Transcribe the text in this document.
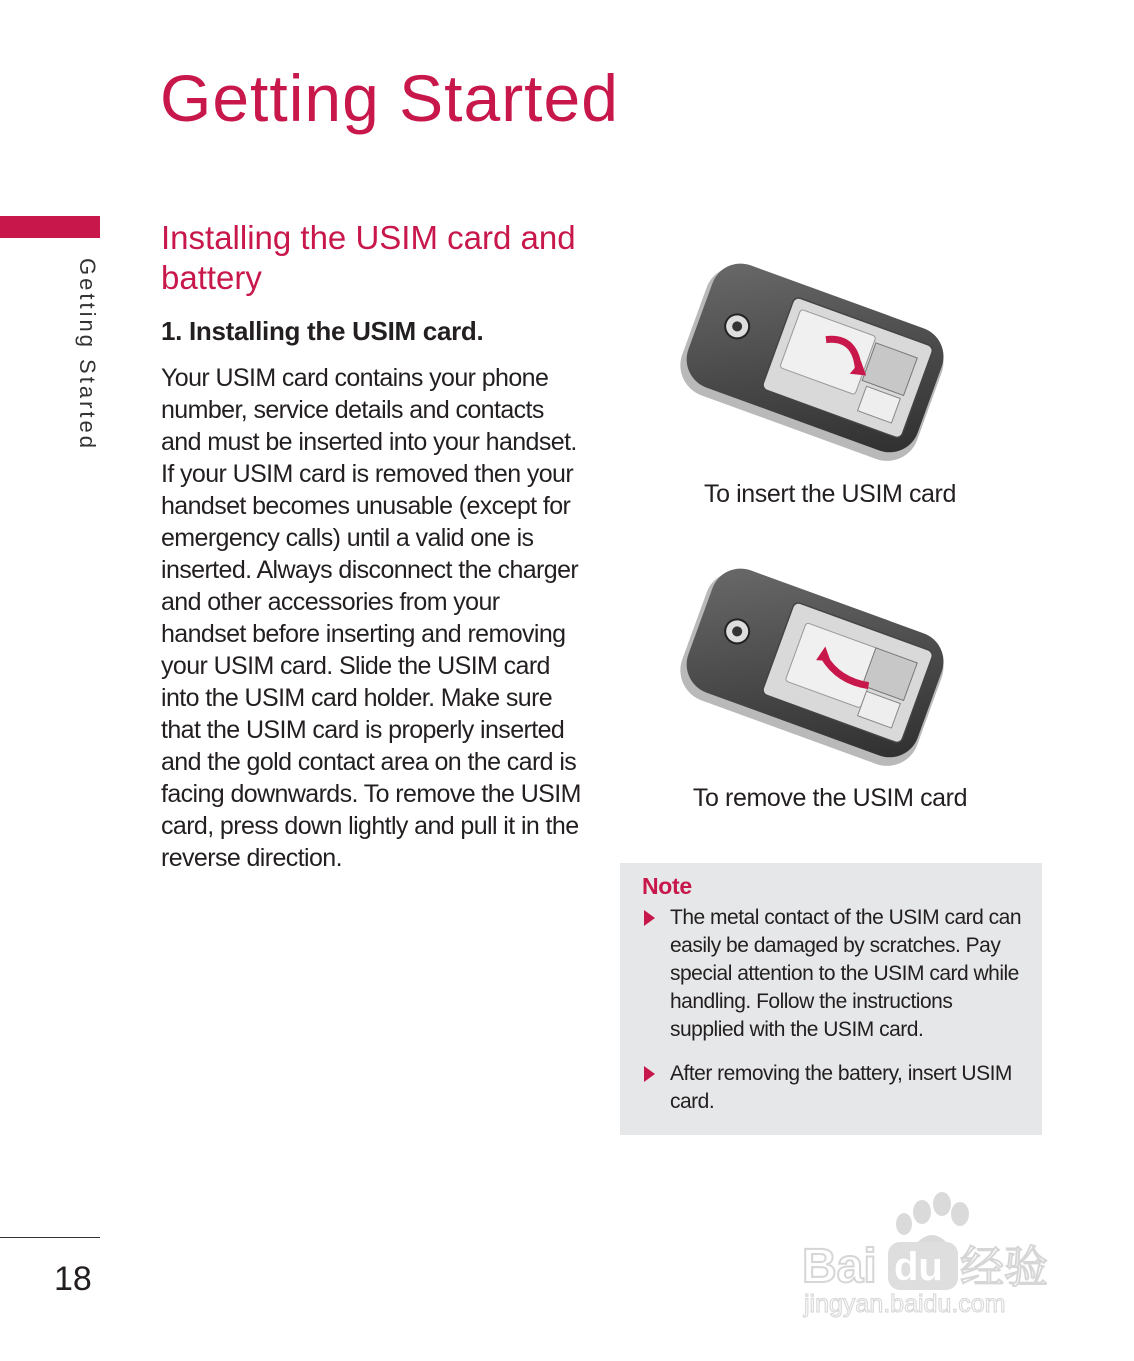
Getting Started
Getting Started
Installing the USIM card and battery
1. Installing the USIM card.

Your USIM card contains your phone number, service details and contacts and must be inserted into your handset. If your USIM card is removed then your handset becomes unusable (except for emergency calls) until a valid one is inserted. Always disconnect the charger and other accessories from your handset before inserting and removing your USIM card. Slide the USIM card into the USIM card holder. Make sure that the USIM card is properly inserted and the gold contact area on the card is facing downwards. To remove the USIM card, press down lightly and pull it in the reverse direction.

To insert the USIM card
To remove the USIM card

Note

The metal contact of the USIM card can easily be damaged by scratches. Pay special attention to the USIM card while handling. Follow the instructions supplied with the USIM card.
After removing the battery, insert USIM card.
18	Bai du 经验
jingyan.baidu.com
